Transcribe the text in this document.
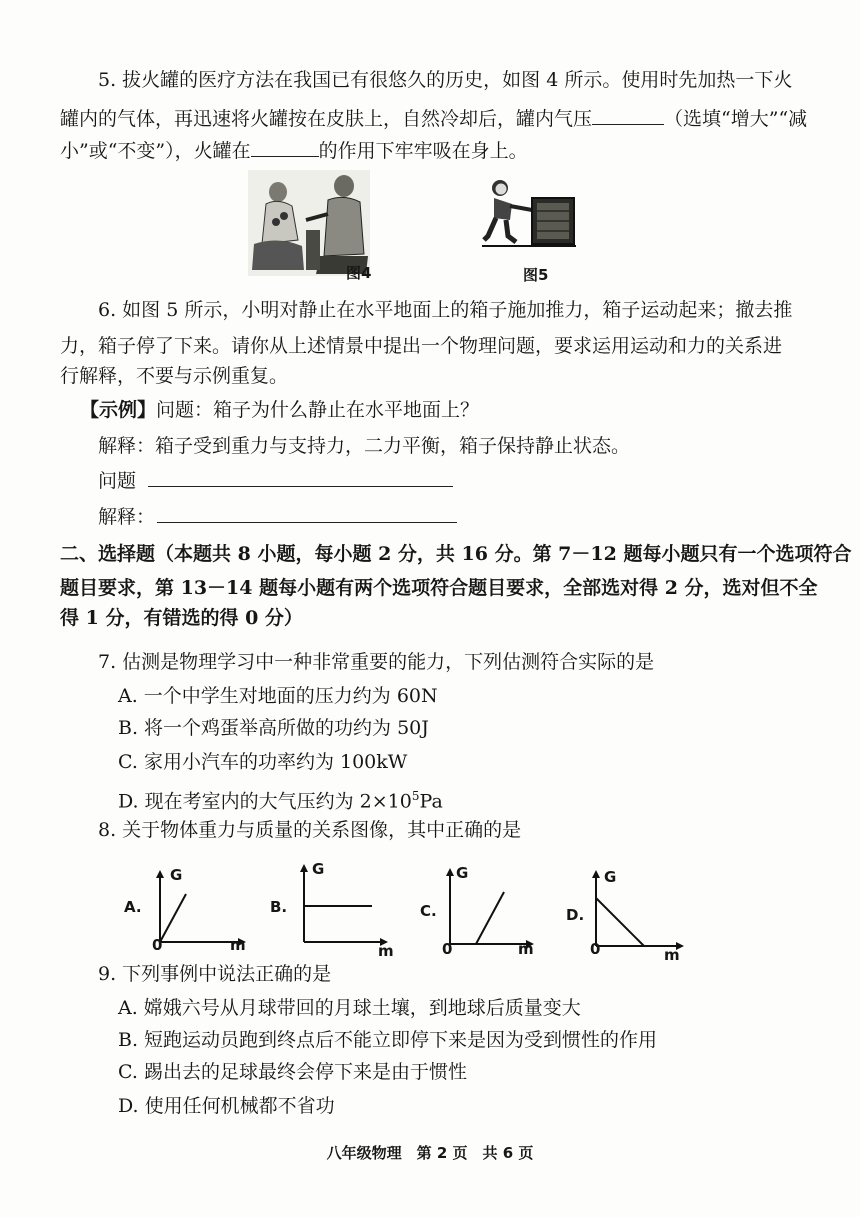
5. 拔火罐的医疗方法在我国已有很悠久的历史，如图 4 所示。使用时先加热一下火
罐内的气体，再迅速将火罐按在皮肤上，自然冷却后，罐内气压	（选填“增大”“减
小”或“不变”），火罐在	的作用下牢牢吸在身上。
图4	图5
6. 如图 5 所示，小明对静止在水平地面上的箱子施加推力，箱子运动起来；撤去推
力，箱子停了下来。请你从上述情景中提出一个物理问题，要求运用运动和力的关系进
行解释，不要与示例重复。
【示例】问题：箱子为什么静止在水平地面上？
解释：箱子受到重力与支持力，二力平衡，箱子保持静止状态。
问题
解释：
二、选择题（本题共 8 小题，每小题 2 分，共 16 分。第 7－12 题每小题只有一个选项符合
题目要求，第 13－14 题每小题有两个选项符合题目要求，全部选对得 2 分，选对但不全
得 1 分，有错选的得 0 分）
7. 估测是物理学习中一种非常重要的能力，下列估测符合实际的是
A. 一个中学生对地面的压力约为 60N
B. 将一个鸡蛋举高所做的功约为 50J
C. 家用小汽车的功率约为 100kW
D. 现在考室内的大气压约为 $2\times 10^5Pa$
8. 关于物体重力与质量的关系图像，其中正确的是
A.
G
m
0
B.
G
m
C.
G
m
0
D.
G
m
0
9. 下列事例中说法正确的是
A. 嫦娥六号从月球带回的月球土壤，到地球后质量变大
B. 短跑运动员跑到终点后不能立即停下来是因为受到惯性的作用
C. 踢出去的足球最终会停下来是由于惯性
D. 使用任何机械都不省功
八年级物理　第 2 页　共 6 页
